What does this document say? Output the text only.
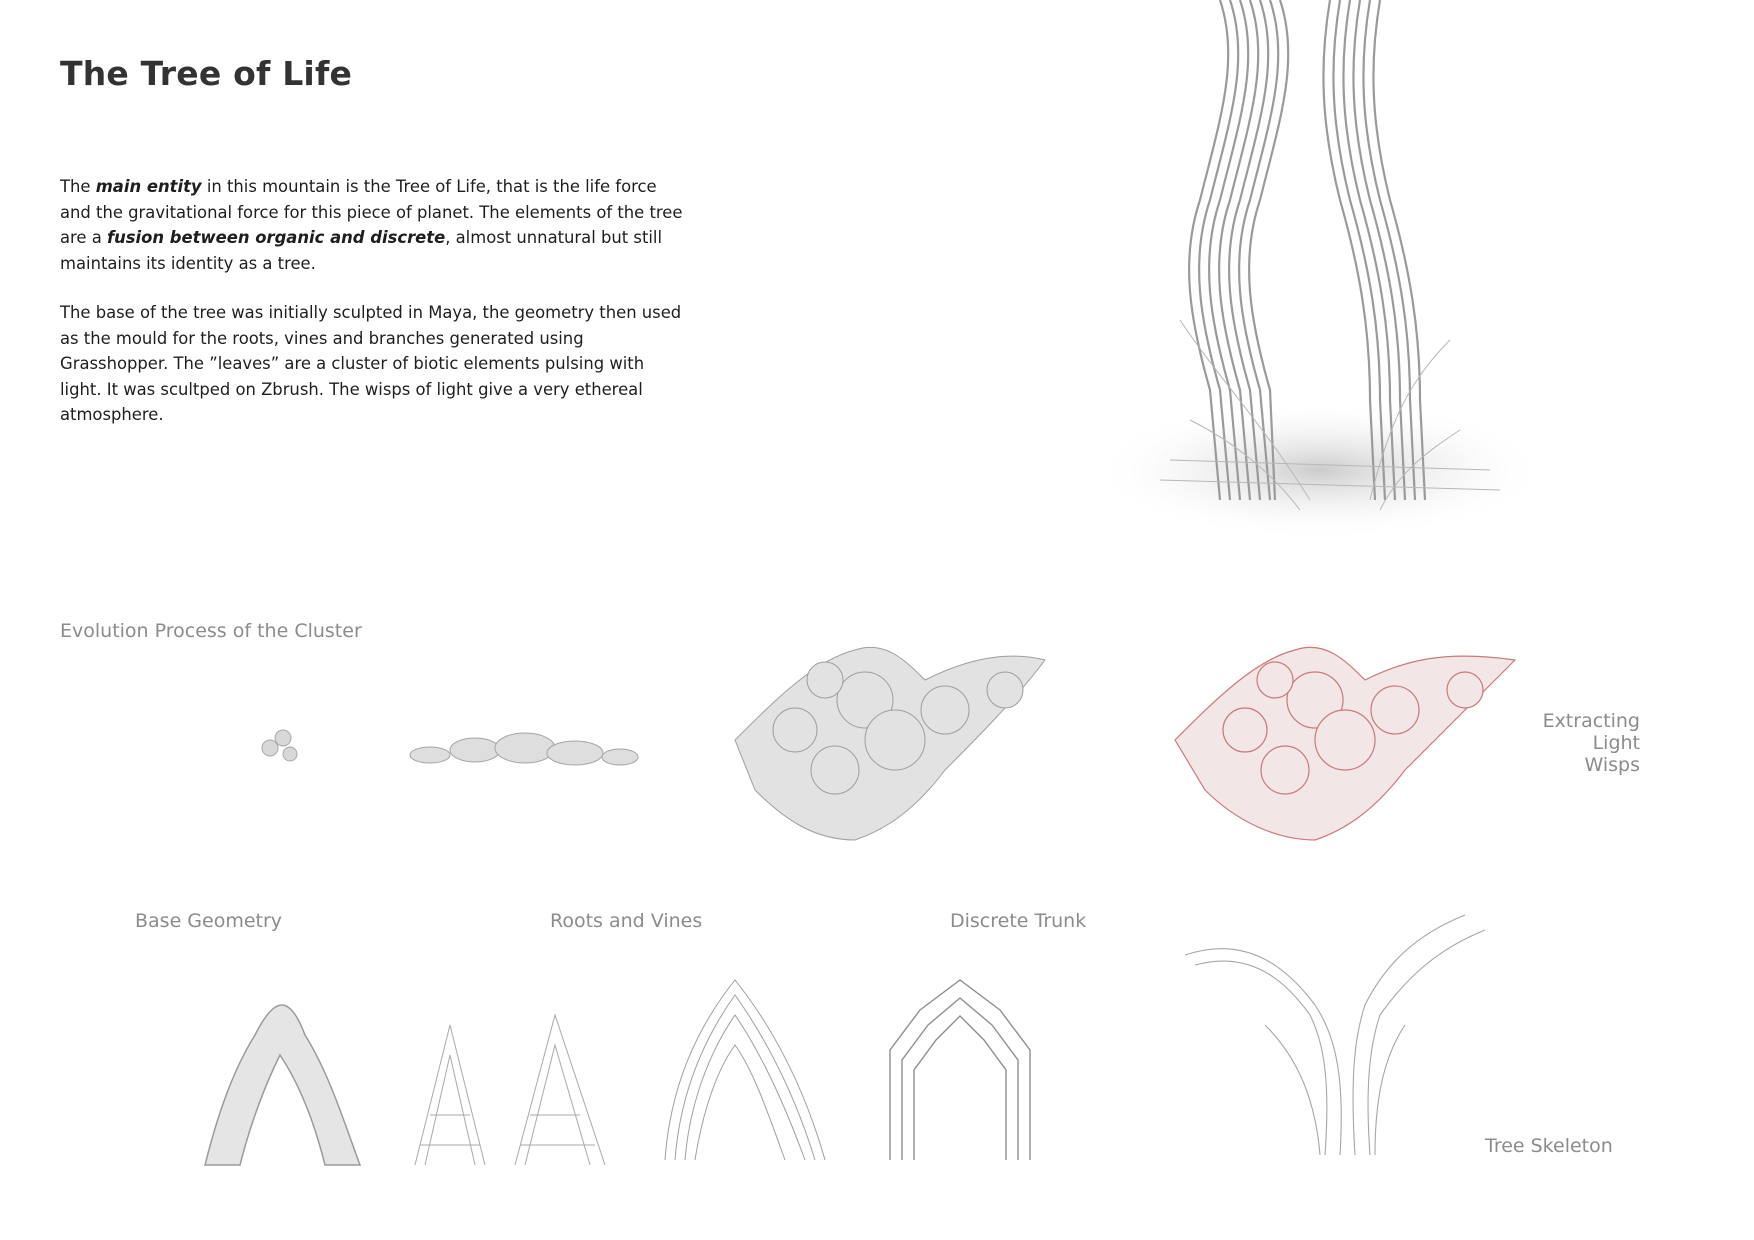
The Tree of Life

The main entity in this mountain is the Tree of Life, that is the life force and the gravitational force for this piece of planet. The elements of the tree are a fusion between organic and discrete, almost unnatural but still maintains its identity as a tree.

The base of the tree was initially sculpted in Maya, the geometry then used as the mould for the roots, vines and branches generated using Grasshopper. The ”leaves” are a cluster of biotic elements pulsing with light. It was scultped on Zbrush. The wisps of light give a very ethereal atmosphere.

Evolution Process of the Cluster
Extracting
Light Wisps
Base Geometry	Roots and Vines	Discrete Trunk
Tree Skeleton
